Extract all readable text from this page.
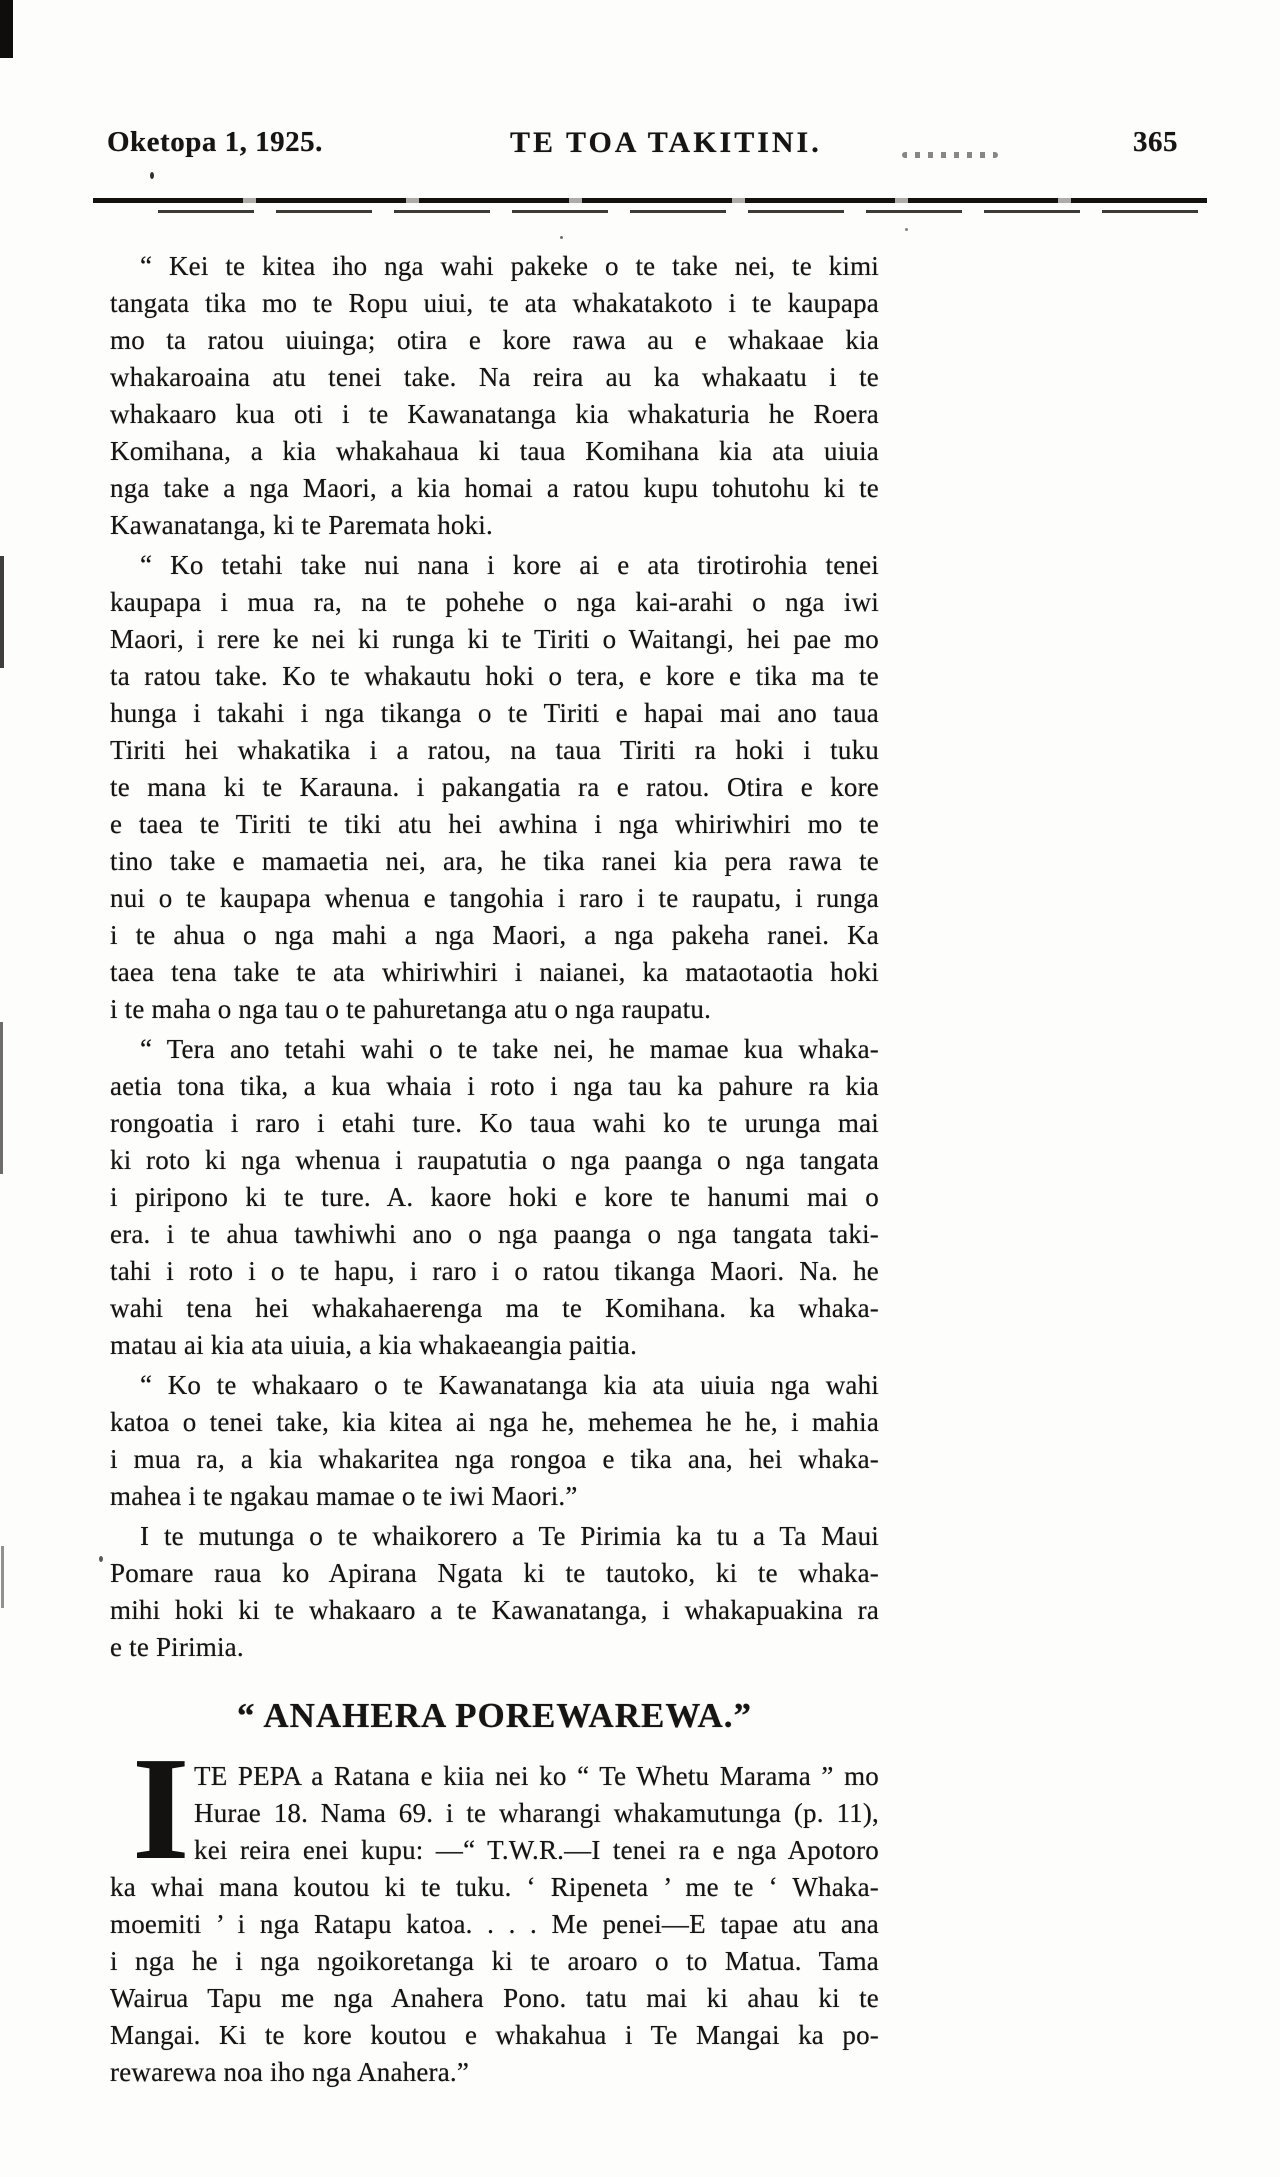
Oketopa 1, 1925.	TE TOA TAKITINI.	365
“ Kei te kitea iho nga wahi pakeke o te take nei, te kimi
tangata tika mo te Ropu uiui, te ata whakatakoto i te kaupapa
mo ta ratou uiuinga; otira e kore rawa au e whakaae kia
whakaroaina atu tenei take. Na reira au ka whakaatu i te
whakaaro kua oti i te Kawanatanga kia whakaturia he Roera
Komihana, a kia whakahaua ki taua Komihana kia ata uiuia
nga take a nga Maori, a kia homai a ratou kupu tohutohu ki te
Kawanatanga, ki te Paremata hoki.
“ Ko tetahi take nui nana i kore ai e ata tirotirohia tenei
kaupapa i mua ra, na te pohehe o nga kai-arahi o nga iwi
Maori, i rere ke nei ki runga ki te Tiriti o Waitangi, hei pae mo
ta ratou take. Ko te whakautu hoki o tera, e kore e tika ma te
hunga i takahi i nga tikanga o te Tiriti e hapai mai ano taua
Tiriti hei whakatika i a ratou, na taua Tiriti ra hoki i tuku
te mana ki te Karauna. i pakangatia ra e ratou. Otira e kore
e taea te Tiriti te tiki atu hei awhina i nga whiriwhiri mo te
tino take e mamaetia nei, ara, he tika ranei kia pera rawa te
nui o te kaupapa whenua e tangohia i raro i te raupatu, i runga
i te ahua o nga mahi a nga Maori, a nga pakeha ranei. Ka
taea tena take te ata whiriwhiri i naianei, ka mataotaotia hoki
i te maha o nga tau o te pahuretanga atu o nga raupatu.
“ Tera ano tetahi wahi o te take nei, he mamae kua whaka-
aetia tona tika, a kua whaia i roto i nga tau ka pahure ra kia
rongoatia i raro i etahi ture. Ko taua wahi ko te urunga mai
ki roto ki nga whenua i raupatutia o nga paanga o nga tangata
i piripono ki te ture. A. kaore hoki e kore te hanumi mai o
era. i te ahua tawhiwhi ano o nga paanga o nga tangata taki-
tahi i roto i o te hapu, i raro i o ratou tikanga Maori. Na. he
wahi tena hei whakahaerenga ma te Komihana. ka whaka-
matau ai kia ata uiuia, a kia whakaeangia paitia.
“ Ko te whakaaro o te Kawanatanga kia ata uiuia nga wahi
katoa o tenei take, kia kitea ai nga he, mehemea he he, i mahia
i mua ra, a kia whakaritea nga rongoa e tika ana, hei whaka-
mahea i te ngakau mamae o te iwi Maori.”
I te mutunga o te whaikorero a Te Pirimia ka tu a Ta Maui
Pomare raua ko Apirana Ngata ki te tautoko, ki te whaka-
mihi hoki ki te whakaaro a te Kawanatanga, i whakapuakina ra
e te Pirimia.
“ ANAHERA POREWAREWA.”
I TE PEPA a Ratana e kiia nei ko “ Te Whetu Marama ” mo
Hurae 18. Nama 69. i te wharangi whakamutunga (p. 11),
kei reira enei kupu: —“ T.W.R.—I tenei ra e nga Apotoro
ka whai mana koutou ki te tuku. ‘ Ripeneta ’ me te ‘ Whaka-
moemiti ’ i nga Ratapu katoa. . . . Me penei—E tapae atu ana
i nga he i nga ngoikoretanga ki te aroaro o to Matua. Tama
Wairua Tapu me nga Anahera Pono. tatu mai ki ahau ki te
Mangai. Ki te kore koutou e whakahua i Te Mangai ka po-
rewarewa noa iho nga Anahera.”
